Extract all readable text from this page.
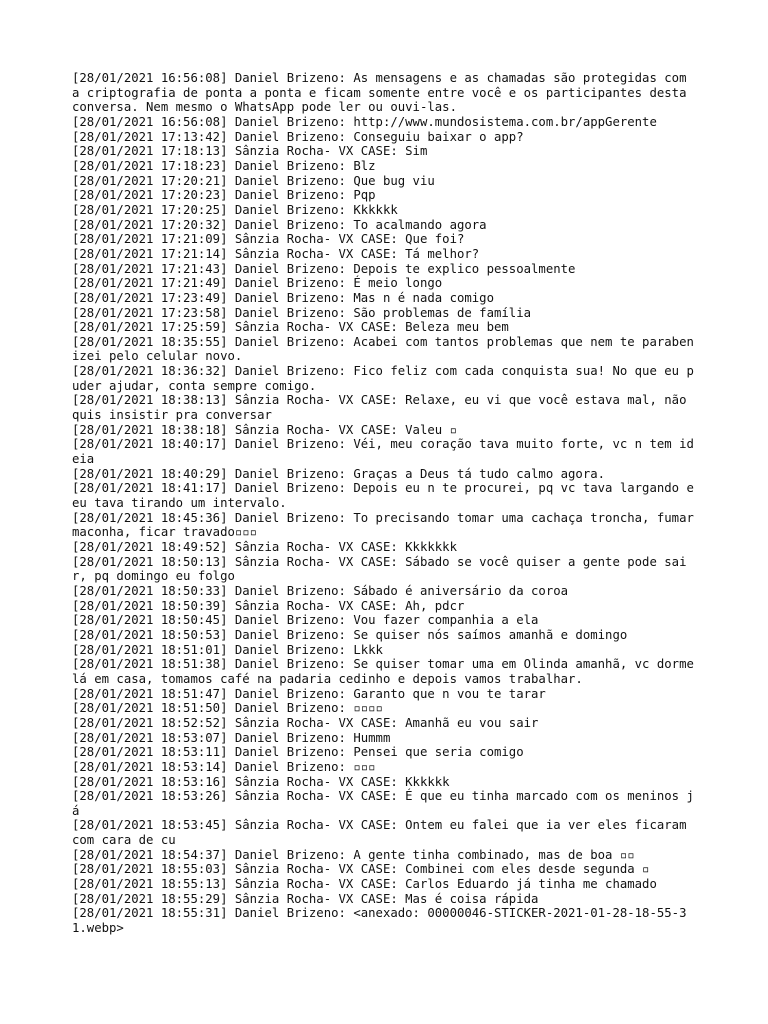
[28/01/2021 16:56:08] Daniel Brizeno: As mensagens e as chamadas são protegidas com a criptografia de ponta a ponta e ficam somente entre você e os participantes desta conversa. Nem mesmo o WhatsApp pode ler ou ouvi-las.

[28/01/2021 16:56:08] Daniel Brizeno: http://www.mundosistema.com.br/appGerente

[28/01/2021 17:13:42] Daniel Brizeno: Conseguiu baixar o app?

[28/01/2021 17:18:13] Sânzia Rocha- VX CASE: Sim

[28/01/2021 17:18:23] Daniel Brizeno: Blz

[28/01/2021 17:20:21] Daniel Brizeno: Que bug viu

[28/01/2021 17:20:23] Daniel Brizeno: Pqp

[28/01/2021 17:20:25] Daniel Brizeno: Kkkkkk

[28/01/2021 17:20:32] Daniel Brizeno: To acalmando agora

[28/01/2021 17:21:09] Sânzia Rocha- VX CASE: Que foi?

[28/01/2021 17:21:14] Sânzia Rocha- VX CASE: Tá melhor?

[28/01/2021 17:21:43] Daniel Brizeno: Depois te explico pessoalmente

[28/01/2021 17:21:49] Daniel Brizeno: É meio longo

[28/01/2021 17:23:49] Daniel Brizeno: Mas n é nada comigo

[28/01/2021 17:23:58] Daniel Brizeno: São problemas de família

[28/01/2021 17:25:59] Sânzia Rocha- VX CASE: Beleza meu bem

[28/01/2021 18:35:55] Daniel Brizeno: Acabei com tantos problemas que nem te parabenizei pelo celular novo.

[28/01/2021 18:36:32] Daniel Brizeno: Fico feliz com cada conquista sua! No que eu puder ajudar, conta sempre comigo.

[28/01/2021 18:38:13] Sânzia Rocha- VX CASE: Relaxe, eu vi que você estava mal, não quis insistir pra conversar

[28/01/2021 18:38:18] Sânzia Rocha- VX CASE: Valeu ▫

[28/01/2021 18:40:17] Daniel Brizeno: Véi, meu coração tava muito forte, vc n tem ideia

[28/01/2021 18:40:29] Daniel Brizeno: Graças a Deus tá tudo calmo agora.

[28/01/2021 18:41:17] Daniel Brizeno: Depois eu n te procurei, pq vc tava largando e eu tava tirando um intervalo.

[28/01/2021 18:45:36] Daniel Brizeno: To precisando tomar uma cachaça troncha, fumar maconha, ficar travado▫▫▫

[28/01/2021 18:49:52] Sânzia Rocha- VX CASE: Kkkkkkk

[28/01/2021 18:50:13] Sânzia Rocha- VX CASE: Sábado se você quiser a gente pode sair, pq domingo eu folgo

[28/01/2021 18:50:33] Daniel Brizeno: Sábado é aniversário da coroa

[28/01/2021 18:50:39] Sânzia Rocha- VX CASE: Ah, pdcr

[28/01/2021 18:50:45] Daniel Brizeno: Vou fazer companhia a ela

[28/01/2021 18:50:53] Daniel Brizeno: Se quiser nós saímos amanhã e domingo

[28/01/2021 18:51:01] Daniel Brizeno: Lkkk

[28/01/2021 18:51:38] Daniel Brizeno: Se quiser tomar uma em Olinda amanhã, vc dorme lá em casa, tomamos café na padaria cedinho e depois vamos trabalhar.

[28/01/2021 18:51:47] Daniel Brizeno: Garanto que n vou te tarar

[28/01/2021 18:51:50] Daniel Brizeno: ▫▫▫▫

[28/01/2021 18:52:52] Sânzia Rocha- VX CASE: Amanhã eu vou sair

[28/01/2021 18:53:07] Daniel Brizeno: Hummm

[28/01/2021 18:53:11] Daniel Brizeno: Pensei que seria comigo

[28/01/2021 18:53:14] Daniel Brizeno: ▫▫▫

[28/01/2021 18:53:16] Sânzia Rocha- VX CASE: Kkkkkk

[28/01/2021 18:53:26] Sânzia Rocha- VX CASE: É que eu tinha marcado com os meninos já

[28/01/2021 18:53:45] Sânzia Rocha- VX CASE: Ontem eu falei que ia ver eles ficaram com cara de cu

[28/01/2021 18:54:37] Daniel Brizeno: A gente tinha combinado, mas de boa ▫▫

[28/01/2021 18:55:03] Sânzia Rocha- VX CASE: Combinei com eles desde segunda ▫

[28/01/2021 18:55:13] Sânzia Rocha- VX CASE: Carlos Eduardo já tinha me chamado

[28/01/2021 18:55:29] Sânzia Rocha- VX CASE: Mas é coisa rápida

[28/01/2021 18:55:31] Daniel Brizeno: <anexado: 00000046-STICKER-2021-01-28-18-55-31.webp>
